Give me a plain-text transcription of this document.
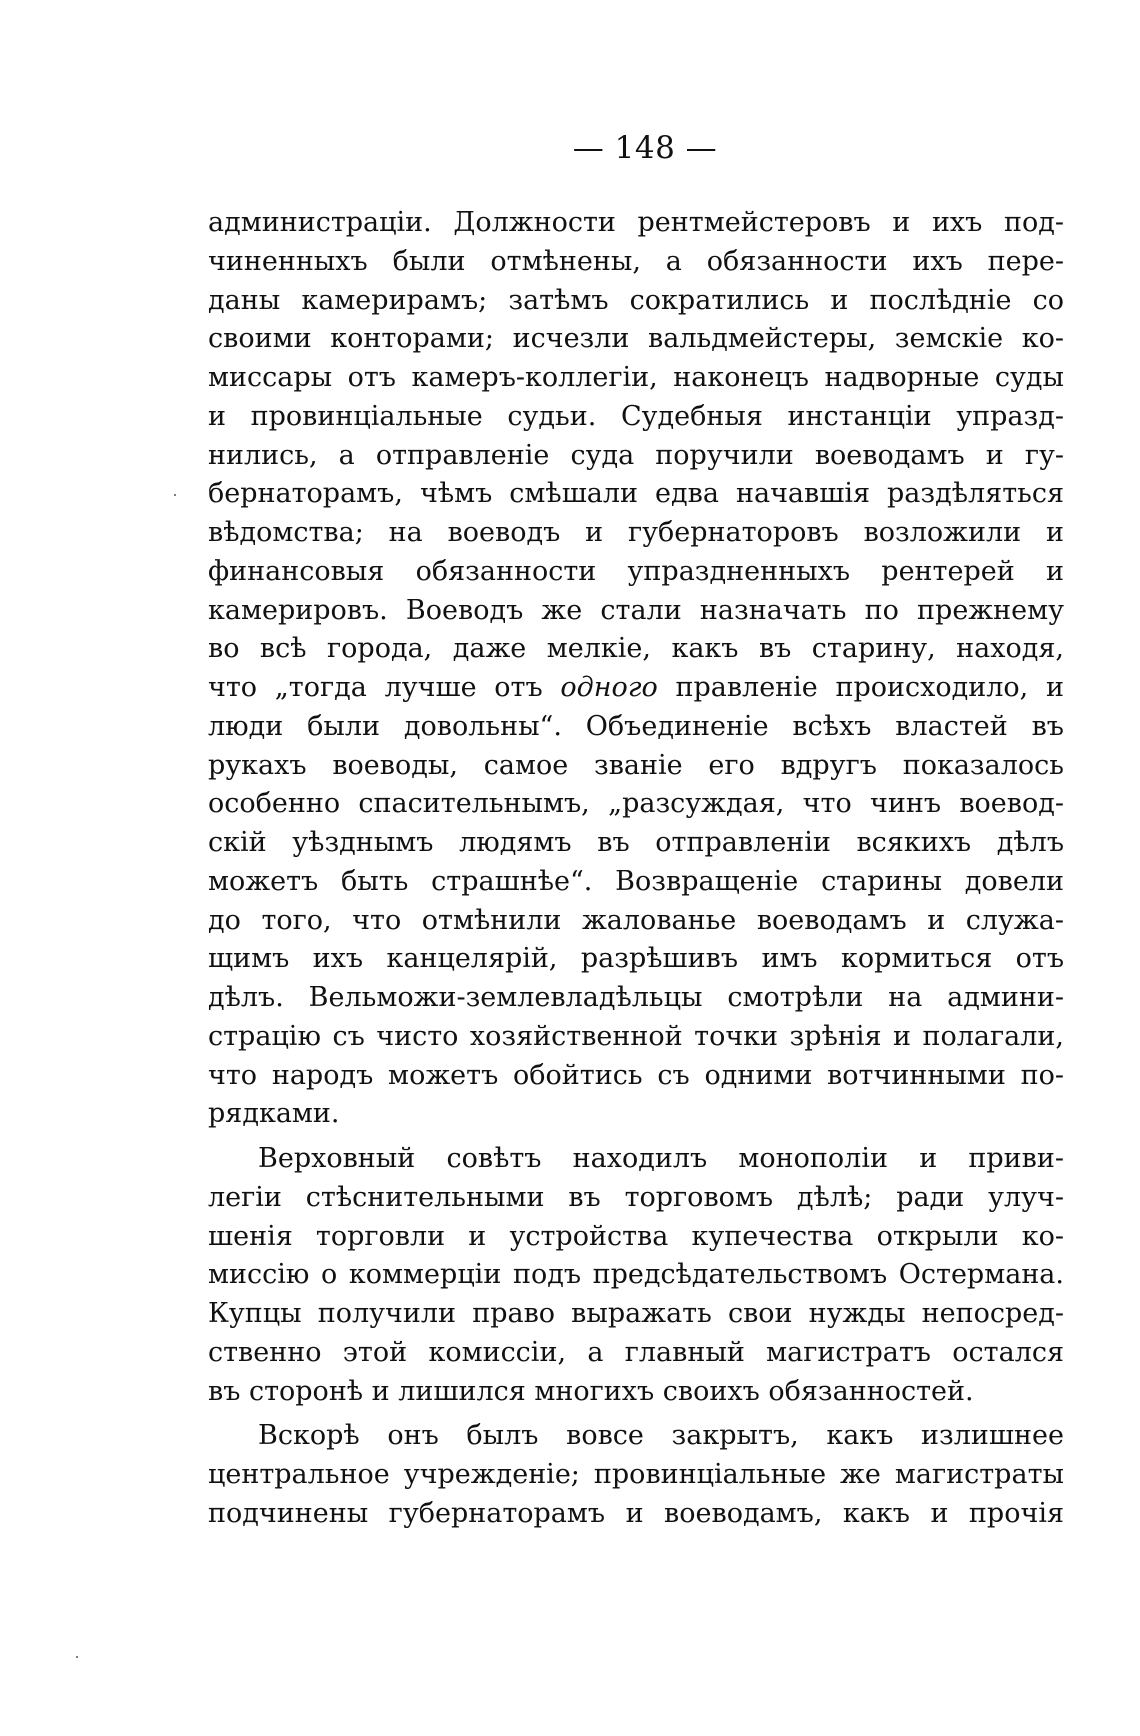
— 148 —
администраціи. Должности рентмейстеровъ и ихъ под-
чиненныхъ были отмѣнены, а обязанности ихъ пере-
даны камерирамъ; затѣмъ сократились и послѣдніе со
своими конторами; исчезли вальдмейстеры, земскіе ко-
миссары отъ камеръ-коллегіи, наконецъ надворные суды
и провинціальные судьи. Судебныя инстанціи упразд-
нились, а отправленіе суда поручили воеводамъ и гу-
бернаторамъ, чѣмъ смѣшали едва начавшія раздѣляться
вѣдомства; на воеводъ и губернаторовъ возложили и
финансовыя обязанности упраздненныхъ рентерей и
камерировъ. Воеводъ же стали назначать по прежнему
во всѣ города, даже мелкіе, какъ въ старину, находя,
что „тогда лучше отъ одного правленіе происходило, и
люди были довольны“. Объединеніе всѣхъ властей въ
рукахъ воеводы, самое званіе его вдругъ показалось
особенно спасительнымъ, „разсуждая, что чинъ воевод-
скій уѣзднымъ людямъ въ отправленіи всякихъ дѣлъ
можетъ быть страшнѣе“. Возвращеніе старины довели
до того, что отмѣнили жалованье воеводамъ и служа-
щимъ ихъ канцелярій, разрѣшивъ имъ кормиться отъ
дѣлъ. Вельможи-землевладѣльцы смотрѣли на админи-
страцію съ чисто хозяйственной точки зрѣнія и полагали,
что народъ можетъ обойтись съ одними вотчинными по-
рядками.
Верховный совѣтъ находилъ монополіи и приви-
легіи стѣснительными въ торговомъ дѣлѣ; ради улуч-
шенія торговли и устройства купечества открыли ко-
миссію о коммерціи подъ предсѣдательствомъ Остермана.
Купцы получили право выражать свои нужды непосред-
ственно этой комиссіи, а главный магистратъ остался
въ сторонѣ и лишился многихъ своихъ обязанностей.
Вскорѣ онъ былъ вовсе закрытъ, какъ излишнее
центральное учрежденіе; провинціальные же магистраты
подчинены губернаторамъ и воеводамъ, какъ и прочія
